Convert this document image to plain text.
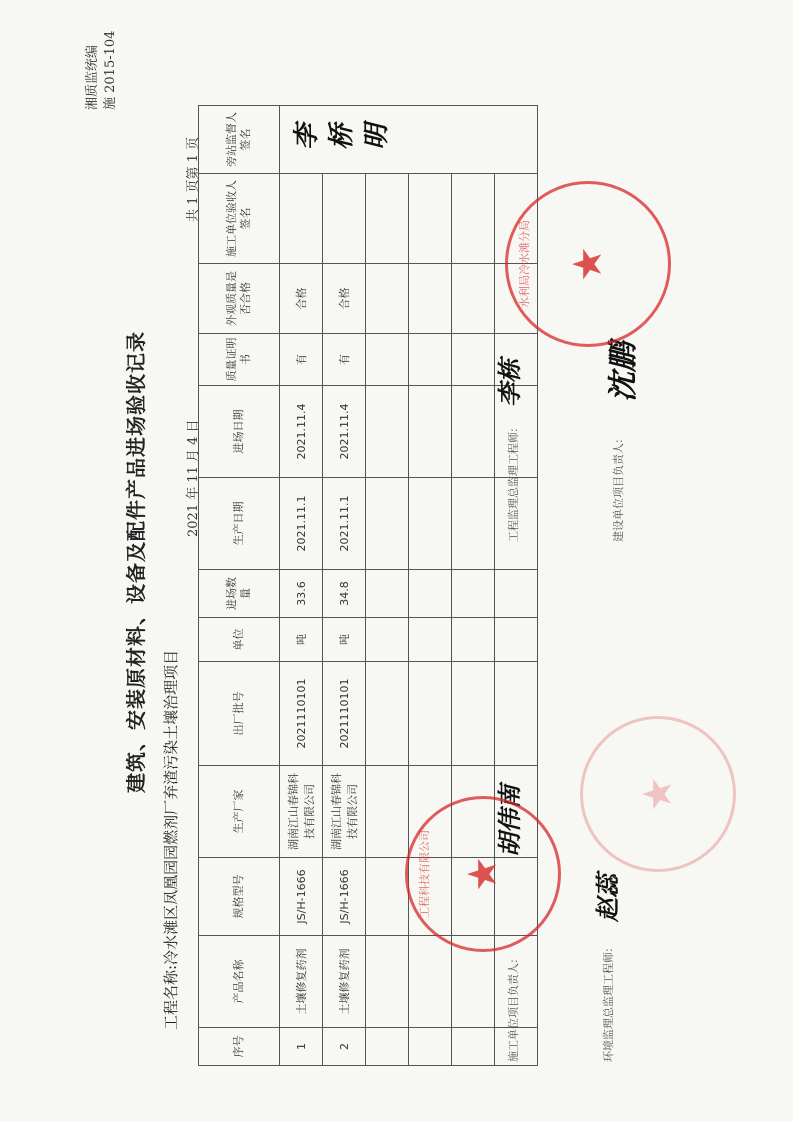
湘质监统编 施 2015-104
建筑、安装原材料、设备及配件产品进场验收记录
工程名称:冷水滩区凤凰园园燃剂厂弃渣污染土壤治理项目
2021 年 11 月 4 日
共 1 页第 1 页
序号	产品名称	规格型号	生产厂家	出厂批号	单位	进场数量	生产日期	进场日期	质量证明书	外观质量是否合格	施工单位验收人签名	旁站监督人签名
1	土壤修复药剂	JS/H-1666	湖南江山春锦科技有限公司	2021110101	吨	33.6	2021.11.1	2021.11.4	有	合格		李 桥 明
2	土壤修复药剂	JS/H-1666	湖南江山春锦科技有限公司	2021110101	吨	34.8	2021.11.1	2021.11.4	有	合格		

施工单位项目负责人:
胡伟南
工程监理总监理工程师:
李栋
环境监理总监理工程师:
赵蕊
建设单位项目负责人:
沈鹏
★
水利局冷水滩分局
★
工程科技有限公司
★
